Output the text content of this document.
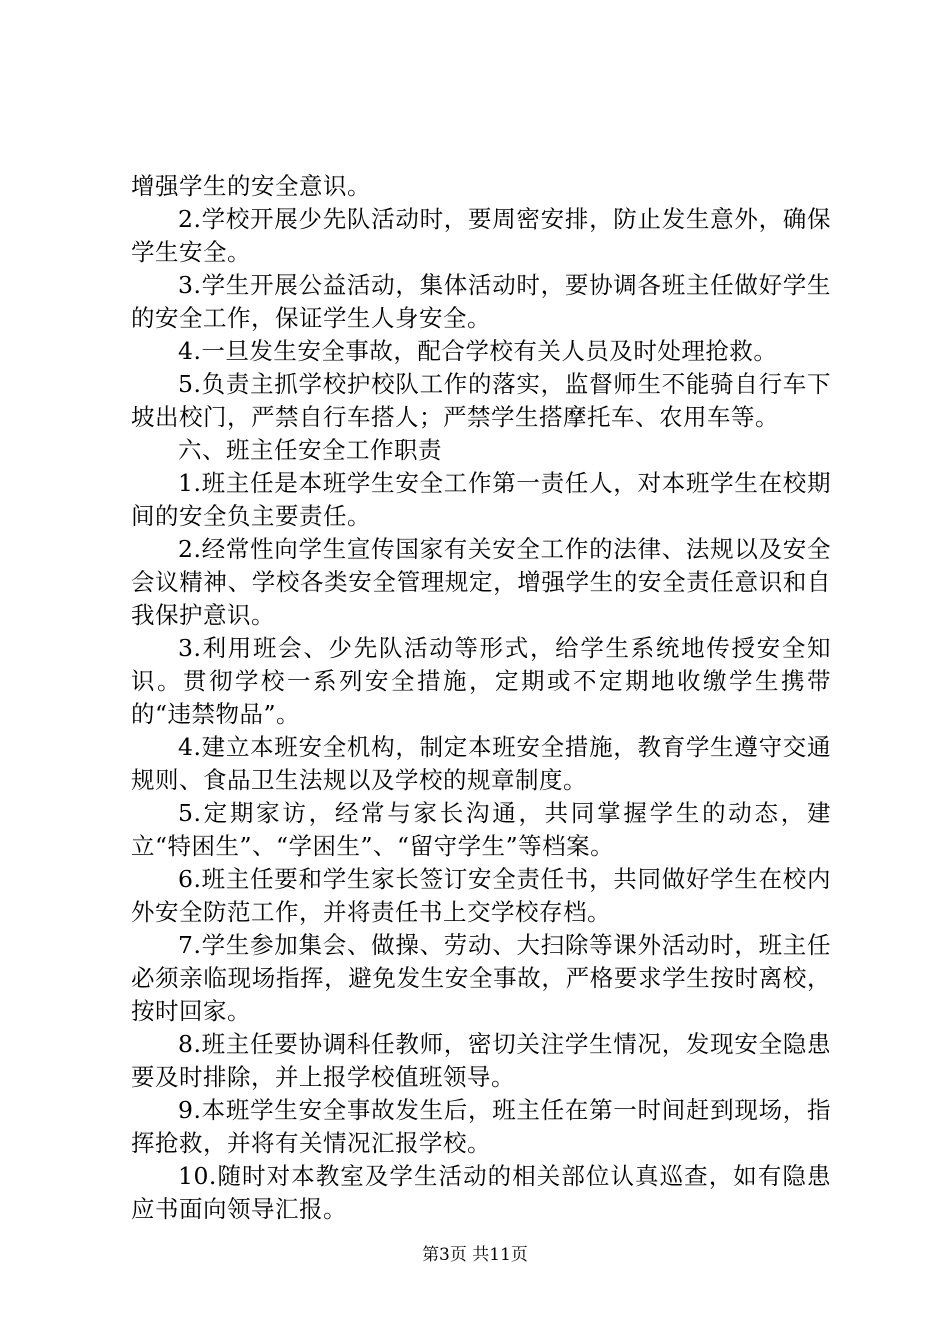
增强学生的安全意识。

2.学校开展少先队活动时，要周密安排，防止发生意外，确保学生安全。

3.学生开展公益活动，集体活动时，要协调各班主任做好学生的安全工作，保证学生人身安全。

4.一旦发生安全事故，配合学校有关人员及时处理抢救。

5.负责主抓学校护校队工作的落实，监督师生不能骑自行车下坡出校门，严禁自行车搭人；严禁学生搭摩托车、农用车等。

六、班主任安全工作职责

1.班主任是本班学生安全工作第一责任人，对本班学生在校期间的安全负主要责任。

2.经常性向学生宣传国家有关安全工作的法律、法规以及安全会议精神、学校各类安全管理规定，增强学生的安全责任意识和自我保护意识。

3.利用班会、少先队活动等形式，给学生系统地传授安全知识。贯彻学校一系列安全措施，定期或不定期地收缴学生携带的“违禁物品”。

4.建立本班安全机构，制定本班安全措施，教育学生遵守交通规则、食品卫生法规以及学校的规章制度。

5.定期家访，经常与家长沟通，共同掌握学生的动态，建立“特困生”、“学困生”、“留守学生”等档案。

6.班主任要和学生家长签订安全责任书，共同做好学生在校内外安全防范工作，并将责任书上交学校存档。

7.学生参加集会、做操、劳动、大扫除等课外活动时，班主任必须亲临现场指挥，避免发生安全事故，严格要求学生按时离校，按时回家。

8.班主任要协调科任教师，密切关注学生情况，发现安全隐患要及时排除，并上报学校值班领导。

9.本班学生安全事故发生后，班主任在第一时间赶到现场，指挥抢救，并将有关情况汇报学校。

10.随时对本教室及学生活动的相关部位认真巡查，如有隐患应书面向领导汇报。

第3页 共11页
